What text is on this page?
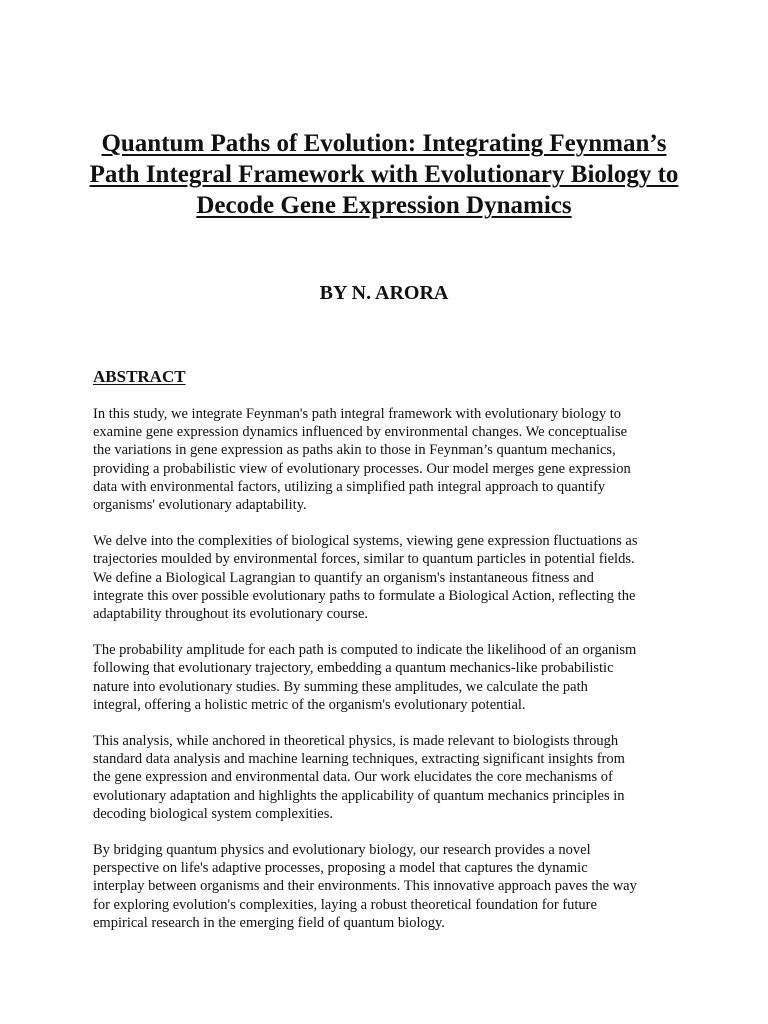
Quantum Paths of Evolution: Integrating Feynman’s Path Integral Framework with Evolutionary Biology to Decode Gene Expression Dynamics
BY N. ARORA
ABSTRACT

In this study, we integrate Feynman's path integral framework with evolutionary biology to
examine gene expression dynamics influenced by environmental changes. We conceptualise
the variations in gene expression as paths akin to those in Feynman’s quantum mechanics,
providing a probabilistic view of evolutionary processes. Our model merges gene expression
data with environmental factors, utilizing a simplified path integral approach to quantify
organisms' evolutionary adaptability.

We delve into the complexities of biological systems, viewing gene expression fluctuations as
trajectories moulded by environmental forces, similar to quantum particles in potential fields.
We define a Biological Lagrangian to quantify an organism's instantaneous fitness and
integrate this over possible evolutionary paths to formulate a Biological Action, reflecting the
adaptability throughout its evolutionary course.

The probability amplitude for each path is computed to indicate the likelihood of an organism
following that evolutionary trajectory, embedding a quantum mechanics-like probabilistic
nature into evolutionary studies. By summing these amplitudes, we calculate the path
integral, offering a holistic metric of the organism's evolutionary potential.

This analysis, while anchored in theoretical physics, is made relevant to biologists through
standard data analysis and machine learning techniques, extracting significant insights from
the gene expression and environmental data. Our work elucidates the core mechanisms of
evolutionary adaptation and highlights the applicability of quantum mechanics principles in
decoding biological system complexities.

By bridging quantum physics and evolutionary biology, our research provides a novel
perspective on life's adaptive processes, proposing a model that captures the dynamic
interplay between organisms and their environments. This innovative approach paves the way
for exploring evolution's complexities, laying a robust theoretical foundation for future
empirical research in the emerging field of quantum biology.
